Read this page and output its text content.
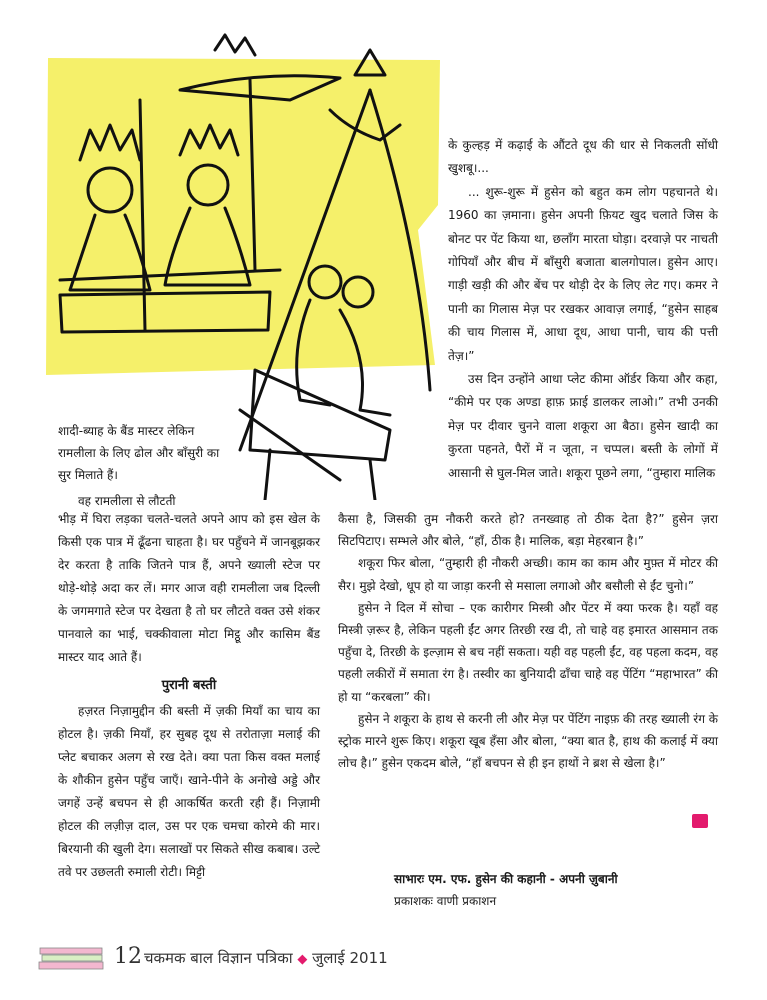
के कुल्हड़ में कढ़ाई के औंटते दूध की धार से निकलती सोंधी खुशबू।...

... शुरू-शुरू में हुसेन को बहुत कम लोग पहचानते थे। 1960 का ज़माना। हुसेन अपनी फ़ियट खुद चलाते जिस के बोनट पर पेंट किया था, छलाँग मारता घोड़ा। दरवाज़े पर नाचती गोपियाँ और बीच में बाँसुरी बजाता बालगोपाल। हुसेन आए। गाड़ी खड़ी की और बेंच पर थोड़ी देर के लिए लेट गए। कमर ने पानी का गिलास मेज़ पर रखकर आवाज़ लगाई, “हुसेन साहब की चाय गिलास में, आधा दूध, आधा पानी, चाय की पत्ती तेज़।”

उस दिन उन्होंने आधा प्लेट कीमा ऑर्डर किया और कहा, “कीमे पर एक अण्डा हाफ़ फ्राई डालकर लाओ।” तभी उनकी मेज़ पर दीवार चुनने वाला शकूरा आ बैठा। हुसेन खादी का कुरता पहनते, पैरों में न जूता, न चप्पल। बस्ती के लोगों में आसानी से घुल-मिल जाते। शकूरा पूछने लगा, “तुम्हारा मालिक

शादी-ब्याह के बैंड मास्टर लेकिन रामलीला के लिए ढोल और बाँसुरी का सुर मिलाते हैं।

वह रामलीला से लौटती

भीड़ में घिरा लड़का चलते-चलते अपने आप को इस खेल के किसी एक पात्र में ढूँढना चाहता है। घर पहुँचने में जानबूझकर देर करता है ताकि जितने पात्र हैं, अपने ख्याली स्टेज पर थोड़े-थोड़े अदा कर लें। मगर आज वही रामलीला जब दिल्ली के जगमगाते स्टेज पर देखता है तो घर लौटते वक्त उसे शंकर पानवाले का भाई, चक्कीवाला मोटा मिट्ठू और कासिम बैंड मास्टर याद आते हैं।

पुरानी बस्ती

हज़रत निज़ामुद्दीन की बस्ती में ज़की मियाँ का चाय का होटल है। ज़की मियाँ, हर सुबह दूध से तरोताज़ा मलाई की प्लेट बचाकर अलग से रख देते। क्या पता किस वक्त मलाई के शौकीन हुसेन पहुँच जाएँ। खाने-पीने के अनोखे अड्डे और जगहें उन्हें बचपन से ही आकर्षित करती रही हैं। निज़ामी होटल की लज़ीज़ दाल, उस पर एक चमचा कोरमे की मार। बिरयानी की खुली देग। सलाखों पर सिकते सीख कबाब। उल्टे तवे पर उछलती रुमाली रोटी। मिट्टी

कैसा है, जिसकी तुम नौकरी करते हो? तनख्वाह तो ठीक देता है?” हुसेन ज़रा सिटपिटाए। सम्भले और बोले, “हाँ, ठीक है। मालिक, बड़ा मेहरबान है।”

शकूरा फिर बोला, “तुम्हारी ही नौकरी अच्छी। काम का काम और मुफ़्त में मोटर की सैर। मुझे देखो, धूप हो या जाड़ा करनी से मसाला लगाओ और बसौली से ईंट चुनो।”

हुसेन ने दिल में सोचा – एक कारीगर मिस्त्री और पेंटर में क्या फरक है। यहाँ वह मिस्त्री ज़रूर है, लेकिन पहली ईंट अगर तिरछी रख दी, तो चाहे वह इमारत आसमान तक पहुँचा दे, तिरछी के इल्ज़ाम से बच नहीं सकता। यही वह पहली ईंट, वह पहला कदम, वह पहली लकीरों में समाता रंग है। तस्वीर का बुनियादी ढाँचा चाहे वह पेंटिंग “महाभारत” की हो या “करबला” की।

हुसेन ने शकूरा के हाथ से करनी ली और मेज़ पर पेंटिंग नाइफ़ की तरह ख्याली रंग के स्ट्रोक मारने शुरू किए। शकूरा खूब हँसा और बोला, “क्या बात है, हाथ की कलाई में क्या लोच है।” हुसेन एकदम बोले, “हाँ बचपन से ही इन हाथों ने ब्रश से खेला है।”

साभारः एम. एफ. हुसेन की कहानी - अपनी ज़ुबानी
प्रकाशकः वाणी प्रकाशन
12 चकमक बाल विज्ञान पत्रिका ◆ जुलाई 2011
